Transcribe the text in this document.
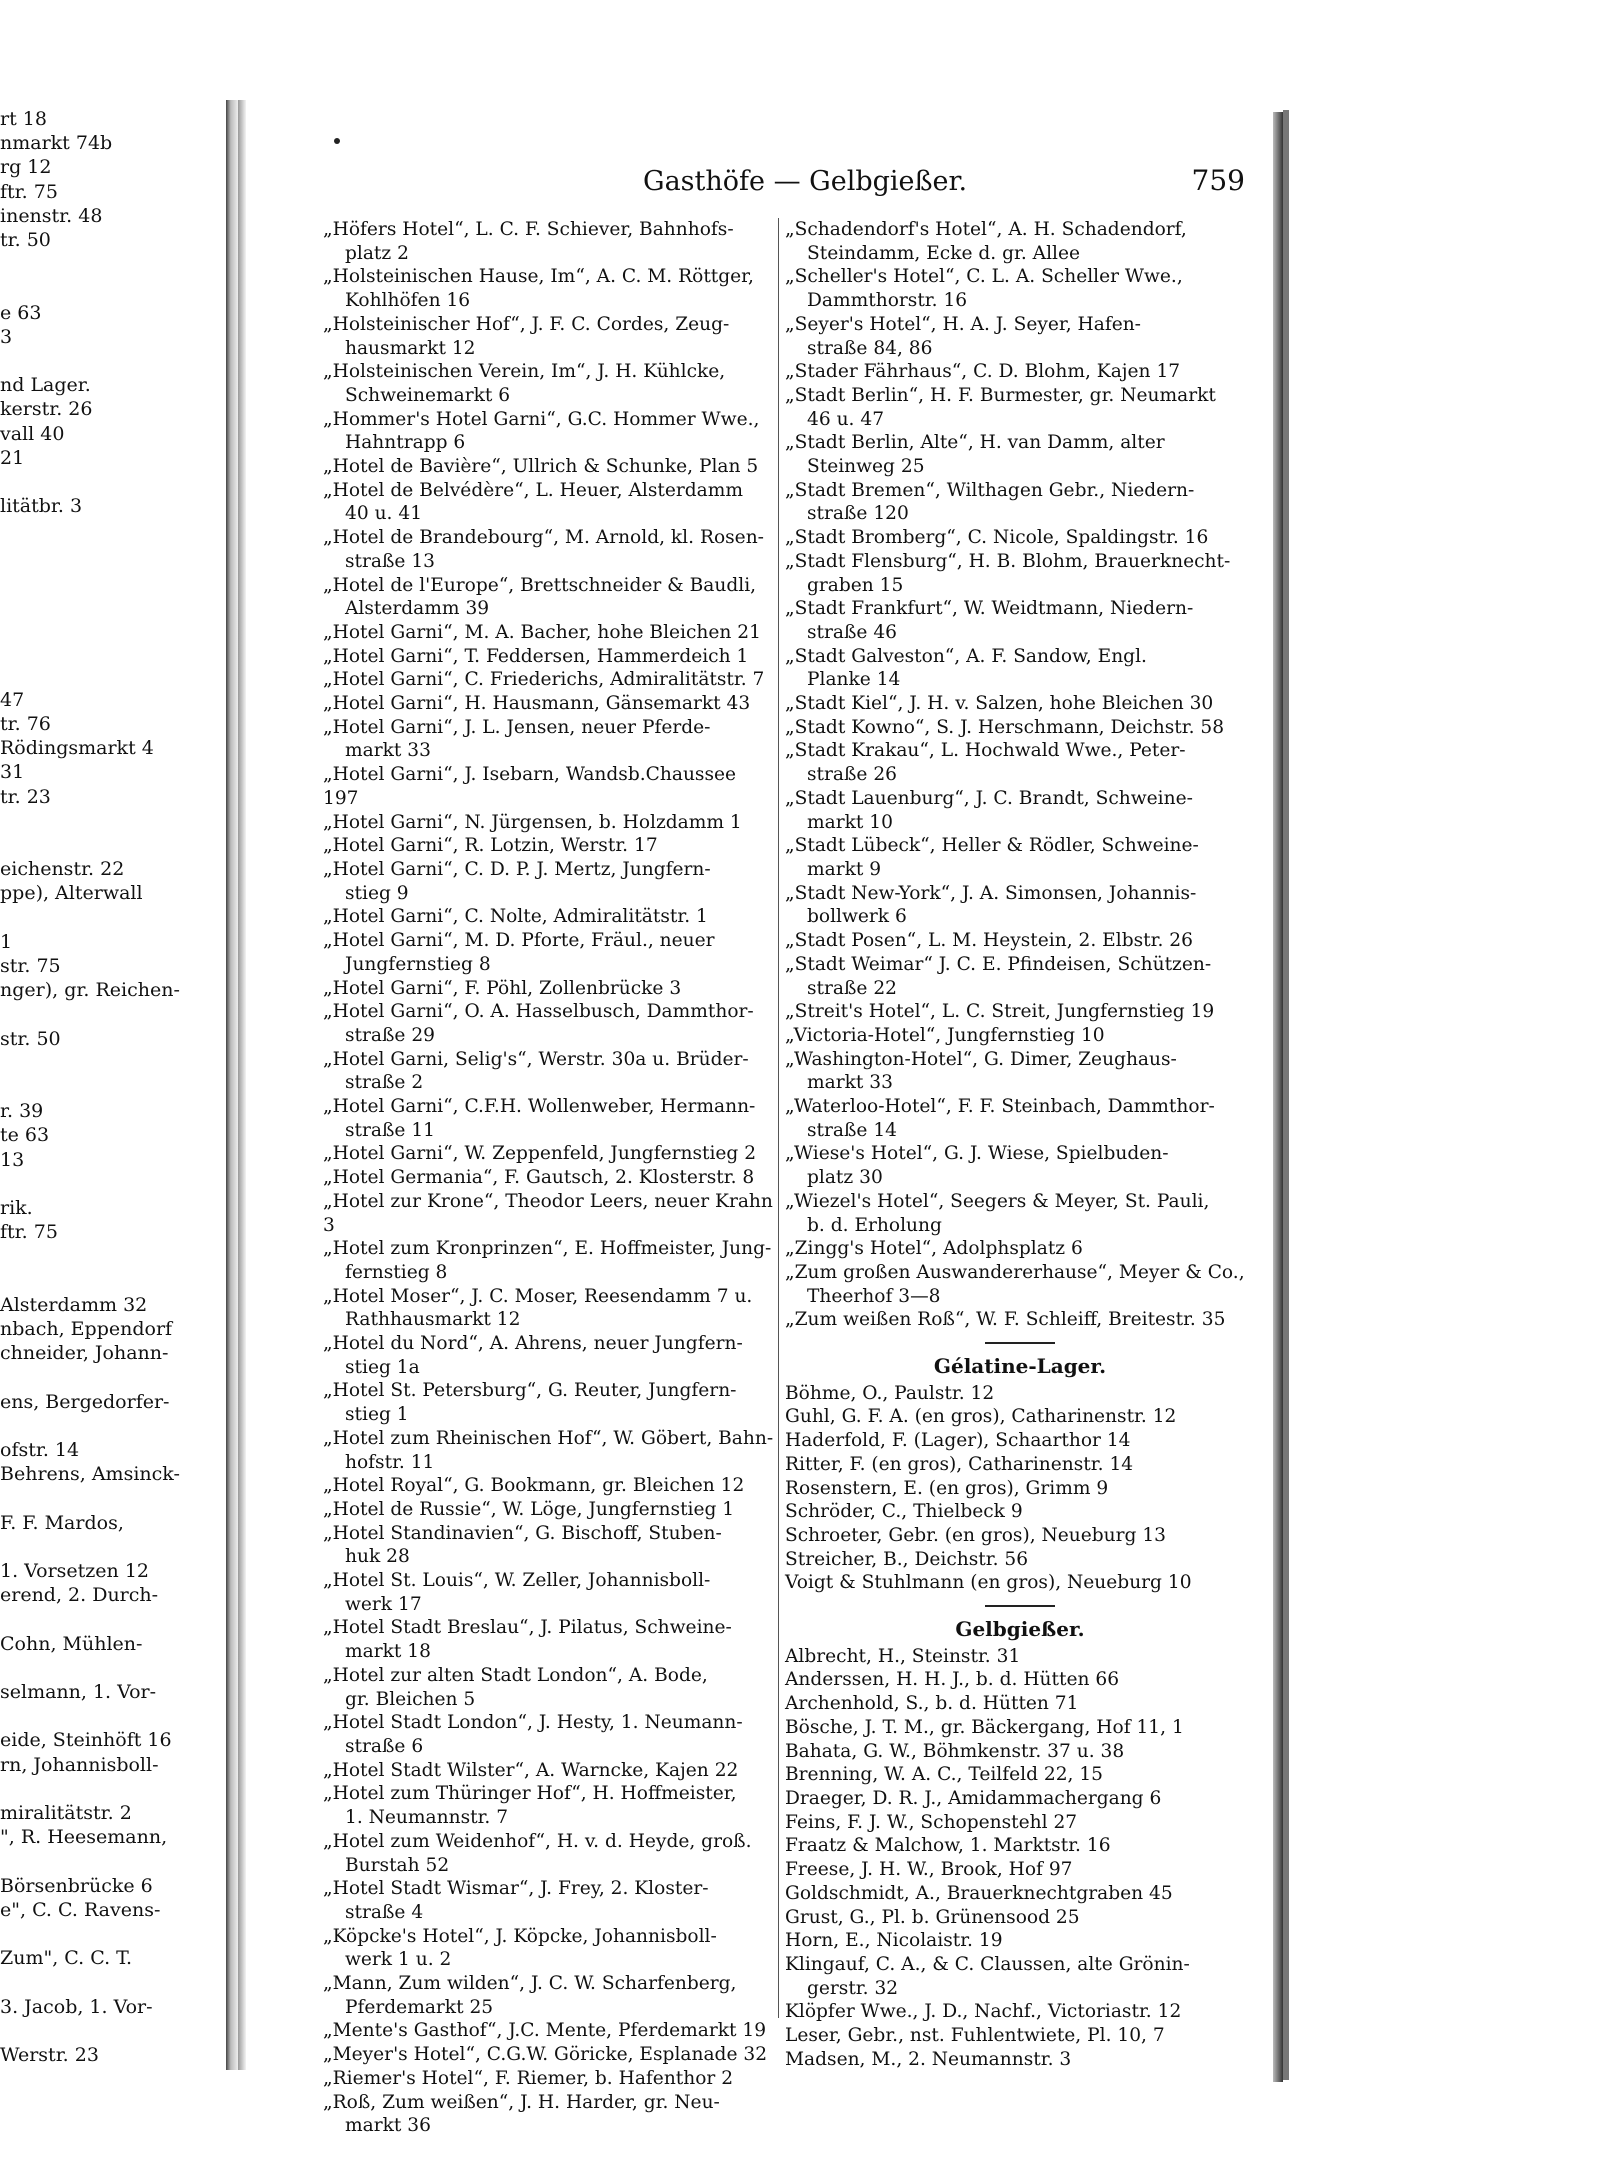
rt 18
nmarkt 74b
rg 12
ftr. 75
inenstr. 48
tr. 50
e 63
3
nd Lager.
kerstr. 26
vall 40
21
litätbr. 3
47
tr. 76
Rödingsmarkt 4
31
tr. 23
eichenstr. 22
ppe), Alterwall
1
str. 75
nger), gr. Reichen-
str. 50
r. 39
te 63
13
rik.
ftr. 75
Alsterdamm 32
nbach, Eppendorf
chneider, Johann-
ens, Bergedorfer-
ofstr. 14
Behrens, Amsinck-
F. F. Mardos,
1. Vorsetzen 12
erend, 2. Durch-
Cohn, Mühlen-
selmann, 1. Vor-
eide, Steinhöft 16
rn, Johannisboll-
miralitätstr. 2
", R. Heesemann,
Börsenbrücke 6
e", C. C. Ravens-
Zum", C. C. T.
3. Jacob, 1. Vor-
Werstr. 23
Gasthöfe — Gelbgießer.	759
„Höfers Hotel“, L. C. F. Schiever, Bahnhofs-
platz 2
„Holsteinischen Hause, Im“, A. C. M. Röttger,
Kohlhöfen 16
„Holsteinischer Hof“, J. F. C. Cordes, Zeug-
hausmarkt 12
„Holsteinischen Verein, Im“, J. H. Kühlcke,
Schweinemarkt 6
„Hommer's Hotel Garni“, G.C. Hommer Wwe.,
Hahntrapp 6
„Hotel de Bavière“, Ullrich & Schunke, Plan 5
„Hotel de Belvédère“, L. Heuer, Alsterdamm
40 u. 41
„Hotel de Brandebourg“, M. Arnold, kl. Rosen-
straße 13
„Hotel de l'Europe“, Brettschneider & Baudli,
Alsterdamm 39
„Hotel Garni“, M. A. Bacher, hohe Bleichen 21
„Hotel Garni“, T. Feddersen, Hammerdeich 1
„Hotel Garni“, C. Friederichs, Admiralitätstr. 7
„Hotel Garni“, H. Hausmann, Gänsemarkt 43
„Hotel Garni“, J. L. Jensen, neuer Pferde-
markt 33
„Hotel Garni“, J. Isebarn, Wandsb.Chaussee 197
„Hotel Garni“, N. Jürgensen, b. Holzdamm 1
„Hotel Garni“, R. Lotzin, Werstr. 17
„Hotel Garni“, C. D. P. J. Mertz, Jungfern-
stieg 9
„Hotel Garni“, C. Nolte, Admiralitätstr. 1
„Hotel Garni“, M. D. Pforte, Fräul., neuer
Jungfernstieg 8
„Hotel Garni“, F. Pöhl, Zollenbrücke 3
„Hotel Garni“, O. A. Hasselbusch, Dammthor-
straße 29
„Hotel Garni, Selig's“, Werstr. 30a u. Brüder-
straße 2
„Hotel Garni“, C.F.H. Wollenweber, Hermann-
straße 11
„Hotel Garni“, W. Zeppenfeld, Jungfernstieg 2
„Hotel Germania“, F. Gautsch, 2. Klosterstr. 8
„Hotel zur Krone“, Theodor Leers, neuer Krahn 3
„Hotel zum Kronprinzen“, E. Hoffmeister, Jung-
fernstieg 8
„Hotel Moser“, J. C. Moser, Reesendamm 7 u.
Rathhausmarkt 12
„Hotel du Nord“, A. Ahrens, neuer Jungfern-
stieg 1a
„Hotel St. Petersburg“, G. Reuter, Jungfern-
stieg 1
„Hotel zum Rheinischen Hof“, W. Göbert, Bahn-
hofstr. 11
„Hotel Royal“, G. Bookmann, gr. Bleichen 12
„Hotel de Russie“, W. Löge, Jungfernstieg 1
„Hotel Standinavien“, G. Bischoff, Stuben-
huk 28
„Hotel St. Louis“, W. Zeller, Johannisboll-
werk 17
„Hotel Stadt Breslau“, J. Pilatus, Schweine-
markt 18
„Hotel zur alten Stadt London“, A. Bode,
gr. Bleichen 5
„Hotel Stadt London“, J. Hesty, 1. Neumann-
straße 6
„Hotel Stadt Wilster“, A. Warncke, Kajen 22
„Hotel zum Thüringer Hof“, H. Hoffmeister,
1. Neumannstr. 7
„Hotel zum Weidenhof“, H. v. d. Heyde, groß.
Burstah 52
„Hotel Stadt Wismar“, J. Frey, 2. Kloster-
straße 4
„Köpcke's Hotel“, J. Köpcke, Johannisboll-
werk 1 u. 2
„Mann, Zum wilden“, J. C. W. Scharfenberg,
Pferdemarkt 25
„Mente's Gasthof“, J.C. Mente, Pferdemarkt 19
„Meyer's Hotel“, C.G.W. Göricke, Esplanade 32
„Riemer's Hotel“, F. Riemer, b. Hafenthor 2
„Roß, Zum weißen“, J. H. Harder, gr. Neu-
markt 36
„Schadendorf's Hotel“, A. H. Schadendorf,
Steindamm, Ecke d. gr. Allee
„Scheller's Hotel“, C. L. A. Scheller Wwe.,
Dammthorstr. 16
„Seyer's Hotel“, H. A. J. Seyer, Hafen-
straße 84, 86
„Stader Fährhaus“, C. D. Blohm, Kajen 17
„Stadt Berlin“, H. F. Burmester, gr. Neumarkt
46 u. 47
„Stadt Berlin, Alte“, H. van Damm, alter
Steinweg 25
„Stadt Bremen“, Wilthagen Gebr., Niedern-
straße 120
„Stadt Bromberg“, C. Nicole, Spaldingstr. 16
„Stadt Flensburg“, H. B. Blohm, Brauerknecht-
graben 15
„Stadt Frankfurt“, W. Weidtmann, Niedern-
straße 46
„Stadt Galveston“, A. F. Sandow, Engl.
Planke 14
„Stadt Kiel“, J. H. v. Salzen, hohe Bleichen 30
„Stadt Kowno“, S. J. Herschmann, Deichstr. 58
„Stadt Krakau“, L. Hochwald Wwe., Peter-
straße 26
„Stadt Lauenburg“, J. C. Brandt, Schweine-
markt 10
„Stadt Lübeck“, Heller & Rödler, Schweine-
markt 9
„Stadt New-York“, J. A. Simonsen, Johannis-
bollwerk 6
„Stadt Posen“, L. M. Heystein, 2. Elbstr. 26
„Stadt Weimar“ J. C. E. Pfindeisen, Schützen-
straße 22
„Streit's Hotel“, L. C. Streit, Jungfernstieg 19
„Victoria-Hotel“, Jungfernstieg 10
„Washington-Hotel“, G. Dimer, Zeughaus-
markt 33
„Waterloo-Hotel“, F. F. Steinbach, Dammthor-
straße 14
„Wiese's Hotel“, G. J. Wiese, Spielbuden-
platz 30
„Wiezel's Hotel“, Seegers & Meyer, St. Pauli,
b. d. Erholung
„Zingg's Hotel“, Adolphsplatz 6
„Zum großen Auswandererhause“, Meyer & Co.,
Theerhof 3—8
„Zum weißen Roß“, W. F. Schleiff, Breitestr. 35
Gélatine-Lager.
Böhme, O., Paulstr. 12
Guhl, G. F. A. (en gros), Catharinenstr. 12
Haderfold, F. (Lager), Schaarthor 14
Ritter, F. (en gros), Catharinenstr. 14
Rosenstern, E. (en gros), Grimm 9
Schröder, C., Thielbeck 9
Schroeter, Gebr. (en gros), Neueburg 13
Streicher, B., Deichstr. 56
Voigt & Stuhlmann (en gros), Neueburg 10
Gelbgießer.
Albrecht, H., Steinstr. 31
Anderssen, H. H. J., b. d. Hütten 66
Archenhold, S., b. d. Hütten 71
Bösche, J. T. M., gr. Bäckergang, Hof 11, 1
Bahata, G. W., Böhmkenstr. 37 u. 38
Brenning, W. A. C., Teilfeld 22, 15
Draeger, D. R. J., Amidammachergang 6
Feins, F. J. W., Schopenstehl 27
Fraatz & Malchow, 1. Marktstr. 16
Freese, J. H. W., Brook, Hof 97
Goldschmidt, A., Brauerknechtgraben 45
Grust, G., Pl. b. Grünensood 25
Horn, E., Nicolaistr. 19
Klingauf, C. A., & C. Claussen, alte Grönin-
gerstr. 32
Klöpfer Wwe., J. D., Nachf., Victoriastr. 12
Leser, Gebr., nst. Fuhlentwiete, Pl. 10, 7
Madsen, M., 2. Neumannstr. 3
